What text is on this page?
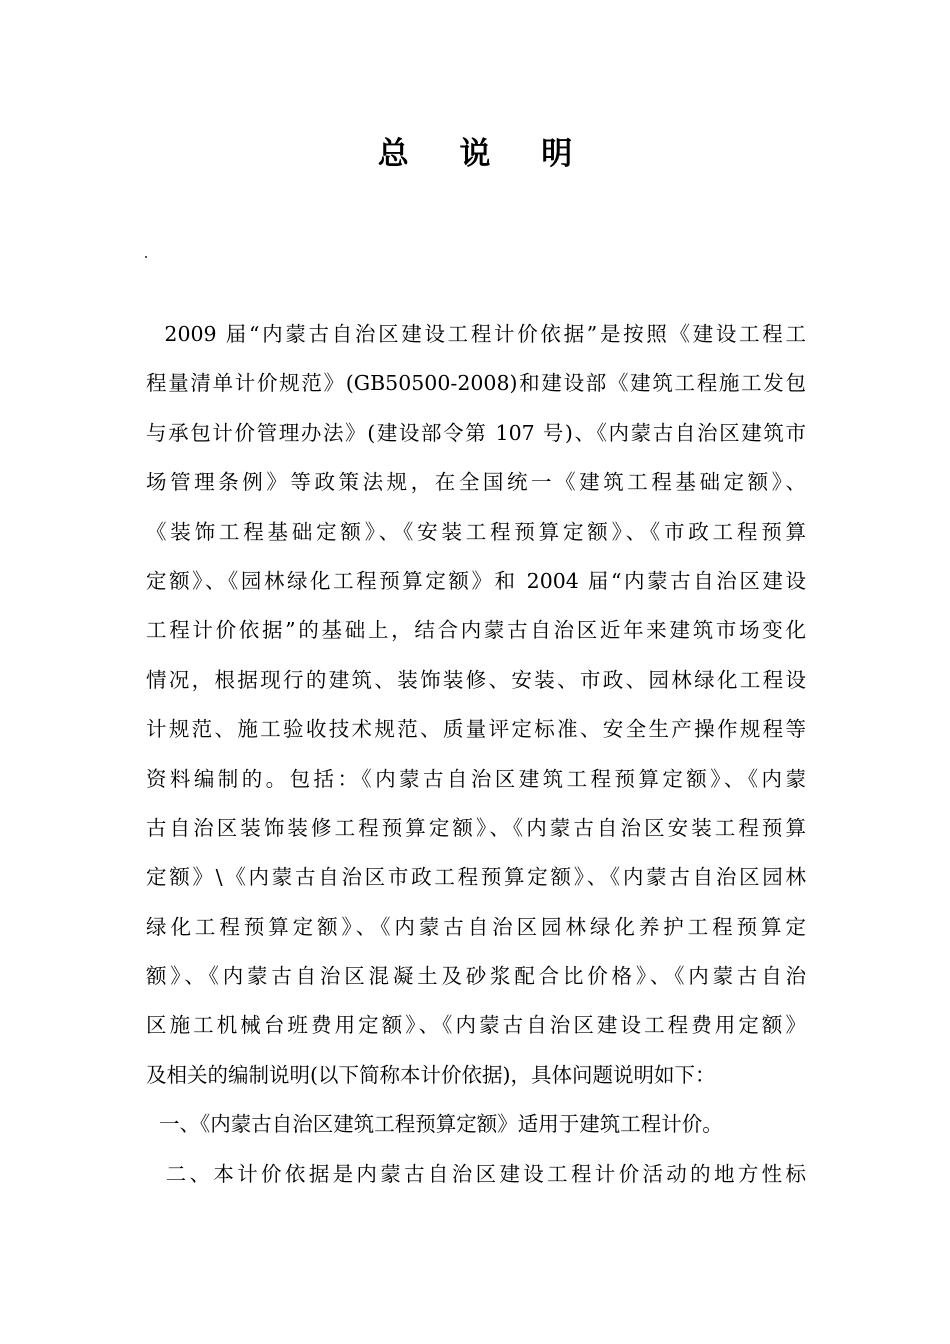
总 说 明
2009 届“内蒙古自治区建设工程计价依据”是按照《建设工程工
程量清单计价规范》(GB50500-2008)和建设部《建筑工程施工发包
与承包计价管理办法》(建设部令第 107 号)、《内蒙古自治区建筑市
场管理条例》等政策法规，在全国统一《建筑工程基础定额》、
《装饰工程基础定额》、《安装工程预算定额》、《市政工程预算
定额》、《园林绿化工程预算定额》和 2004 届“内蒙古自治区建设
工程计价依据”的基础上，结合内蒙古自治区近年来建筑市场变化
情况，根据现行的建筑、装饰装修、安装、市政、园林绿化工程设
计规范、施工验收技术规范、质量评定标准、安全生产操作规程等
资料编制的。包括：《内蒙古自治区建筑工程预算定额》、《内蒙
古自治区装饰装修工程预算定额》、《内蒙古自治区安装工程预算
定额》\《内蒙古自治区市政工程预算定额》、《内蒙古自治区园林
绿化工程预算定额》、《内蒙古自治区园林绿化养护工程预算定
额》、《内蒙古自治区混凝土及砂浆配合比价格》、《内蒙古自治
区施工机械台班费用定额》、《内蒙古自治区建设工程费用定额》
及相关的编制说明(以下简称本计价依据)，具体问题说明如下：
一、《内蒙古自治区建筑工程预算定额》适用于建筑工程计价。
二、本计价依据是内蒙古自治区建设工程计价活动的地方性标
